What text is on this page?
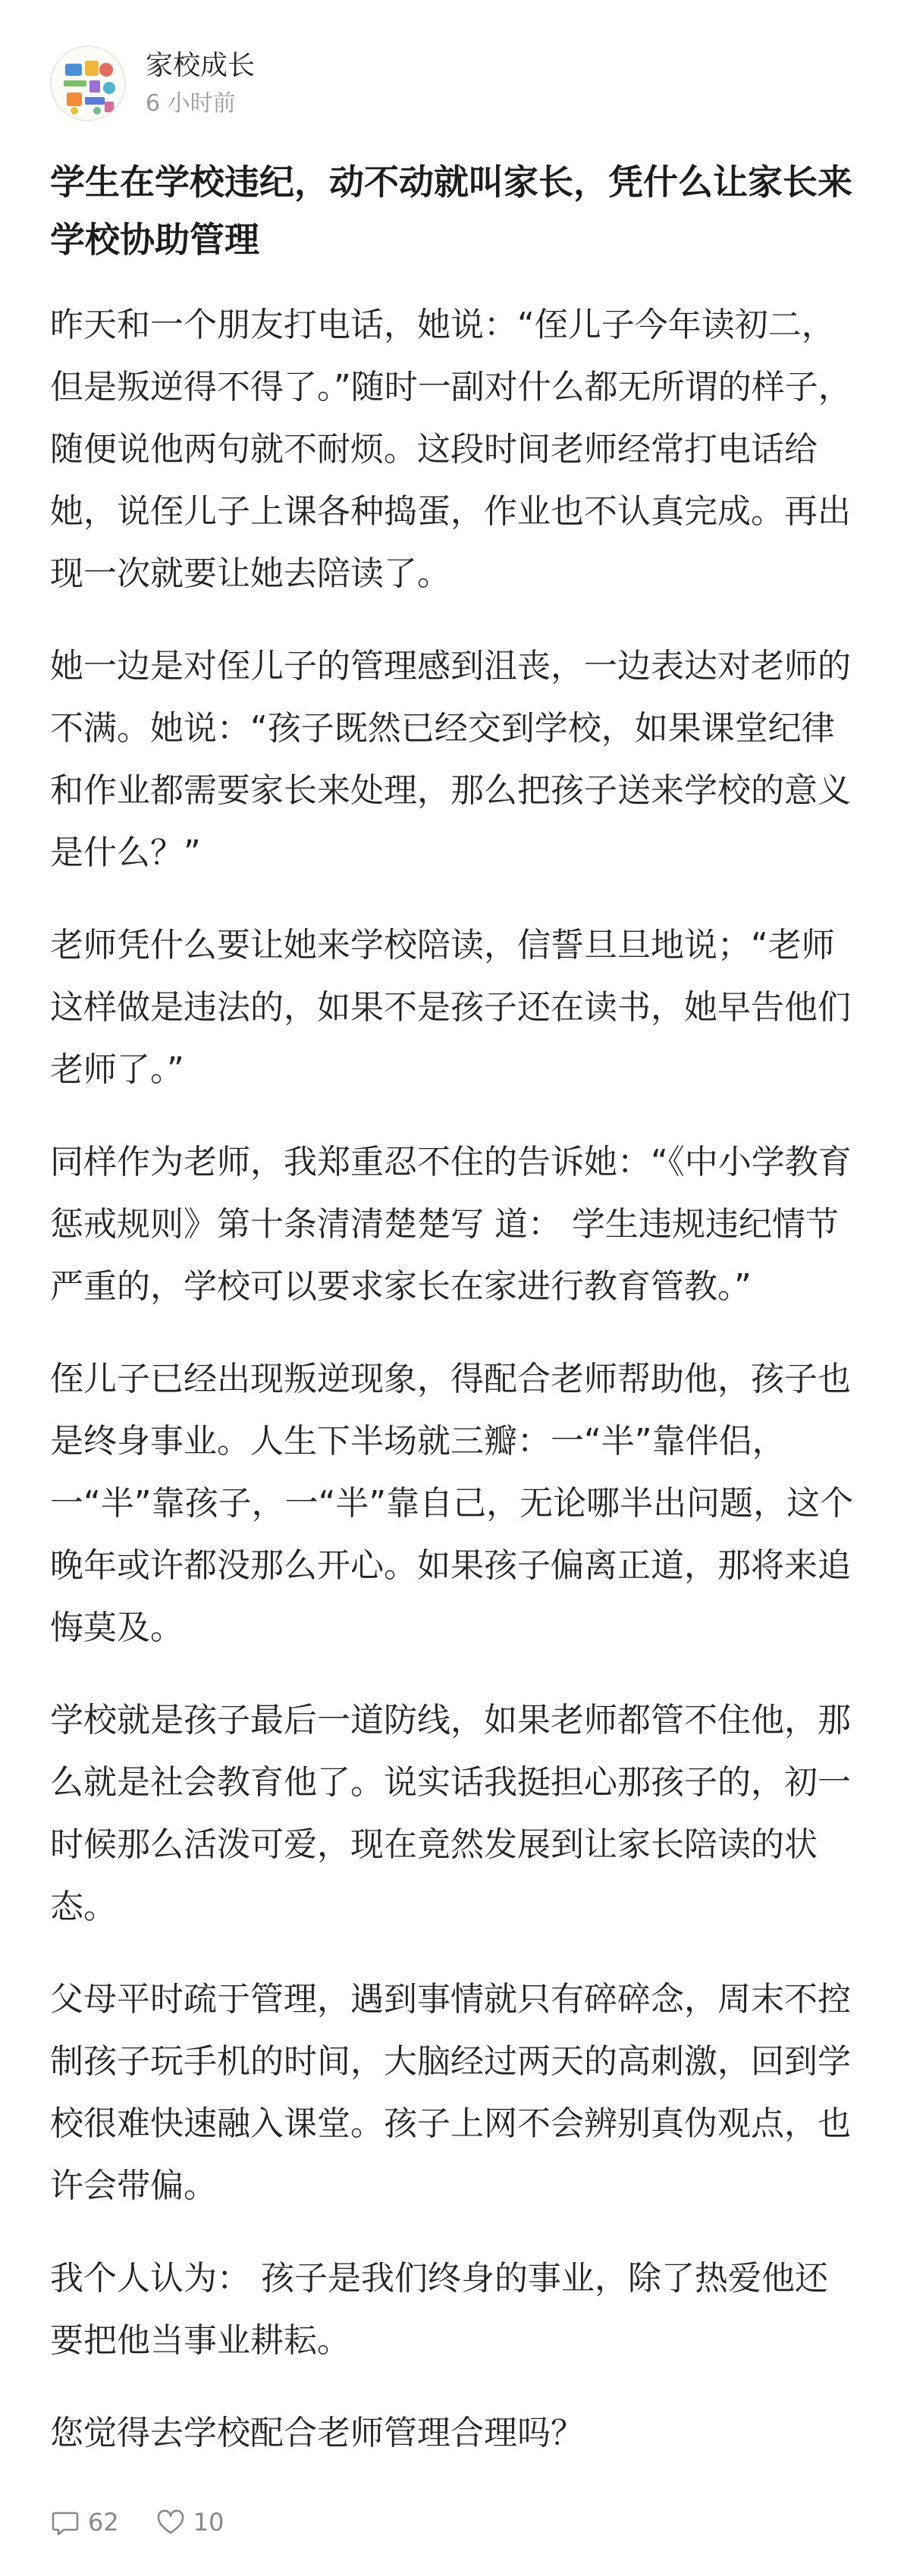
家校成长
6 小时前
学生在学校违纪，动不动就叫家长，凭什么让家长来学校协助管理

昨天和一个朋友打电话，她说：“侄儿子今年读初二，但是叛逆得不得了。”随时一副对什么都无所谓的样子，随便说他两句就不耐烦。这段时间老师经常打电话给她，说侄儿子上课各种捣蛋，作业也不认真完成。再出现一次就要让她去陪读了。

她一边是对侄儿子的管理感到沮丧，一边表达对老师的不满。她说：“孩子既然已经交到学校，如果课堂纪律和作业都需要家长来处理，那么把孩子送来学校的意义是什么？”

老师凭什么要让她来学校陪读，信誓旦旦地说；“老师这样做是违法的，如果不是孩子还在读书，她早告他们老师了。”

同样作为老师，我郑重忍不住的告诉她：“《中小学教育惩戒规则》第十条清清楚楚写 道： 学生违规违纪情节严重的，学校可以要求家长在家进行教育管教。”

侄儿子已经出现叛逆现象，得配合老师帮助他，孩子也是终身事业。人生下半场就三瓣：一“半”靠伴侣，一“半”靠孩子，一“半”靠自己，无论哪半出问题，这个晚年或许都没那么开心。如果孩子偏离正道，那将来追悔莫及。

学校就是孩子最后一道防线，如果老师都管不住他，那么就是社会教育他了。说实话我挺担心那孩子的，初一时候那么活泼可爱，现在竟然发展到让家长陪读的状态。

父母平时疏于管理，遇到事情就只有碎碎念，周末不控制孩子玩手机的时间，大脑经过两天的高刺激，回到学校很难快速融入课堂。孩子上网不会辨别真伪观点，也许会带偏。

我个人认为： 孩子是我们终身的事业，除了热爱他还要把他当事业耕耘。

您觉得去学校配合老师管理合理吗？

62	10
